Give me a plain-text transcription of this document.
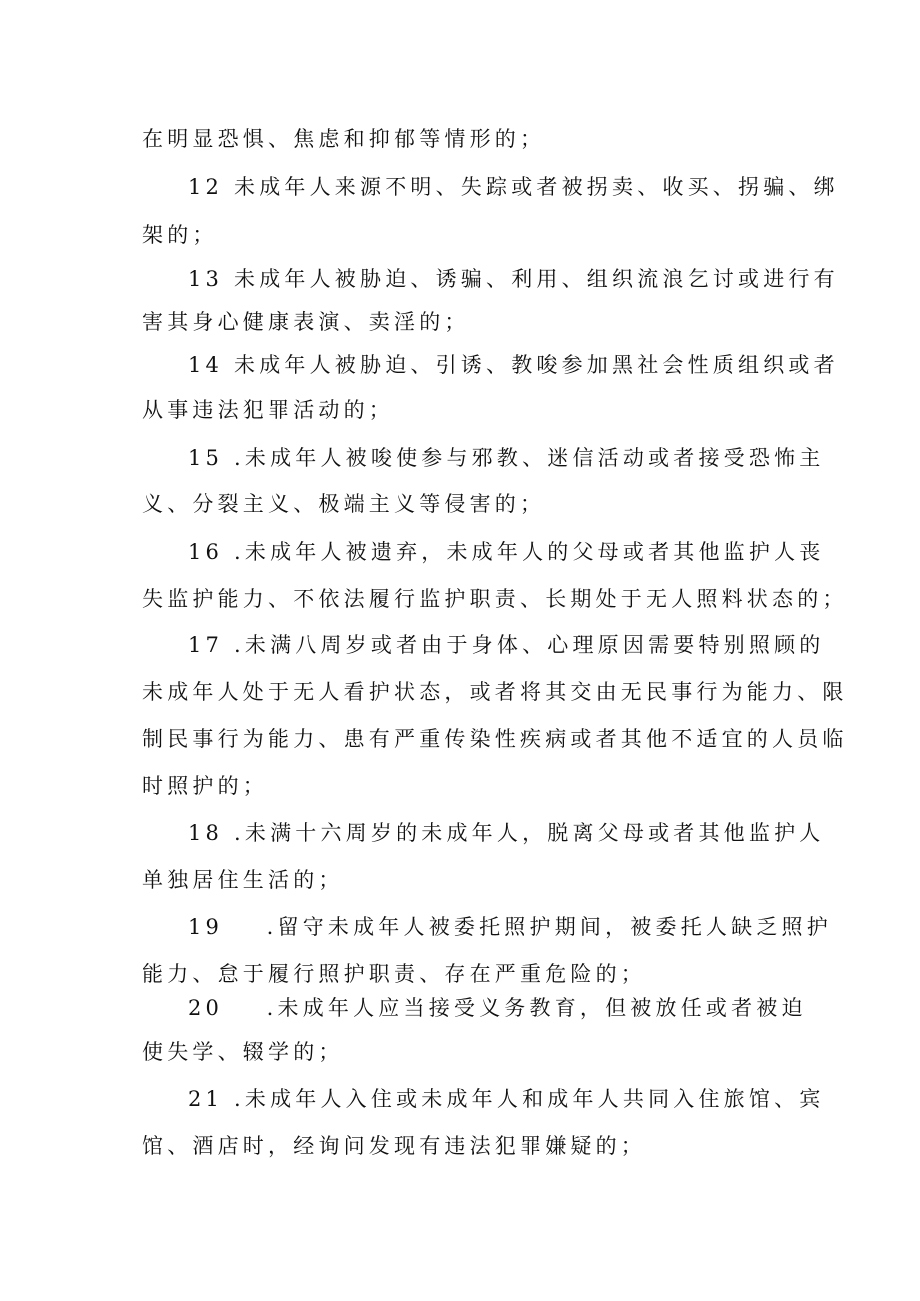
在明显恐惧、焦虑和抑郁等情形的；
12 未成年人来源不明、失踪或者被拐卖、收买、拐骗、绑
架的；
13 未成年人被胁迫、诱骗、利用、组织流浪乞讨或进行有
害其身心健康表演、卖淫的；
14 未成年人被胁迫、引诱、教唆参加黑社会性质组织或者
从事违法犯罪活动的；
15 .未成年人被唆使参与邪教、迷信活动或者接受恐怖主
义、分裂主义、极端主义等侵害的；
16 .未成年人被遗弃，未成年人的父母或者其他监护人丧
失监护能力、不依法履行监护职责、长期处于无人照料状态的；
17 .未满八周岁或者由于身体、心理原因需要特别照顾的
未成年人处于无人看护状态，或者将其交由无民事行为能力、限
制民事行为能力、患有严重传染性疾病或者其他不适宜的人员临
时照护的；
18 .未满十六周岁的未成年人，脱离父母或者其他监护人
单独居住生活的；
19    .留守未成年人被委托照护期间，被委托人缺乏照护
能力、怠于履行照护职责、存在严重危险的；
20    .未成年人应当接受义务教育，但被放任或者被迫
使失学、辍学的；
21 .未成年人入住或未成年人和成年人共同入住旅馆、宾
馆、酒店时，经询问发现有违法犯罪嫌疑的；
